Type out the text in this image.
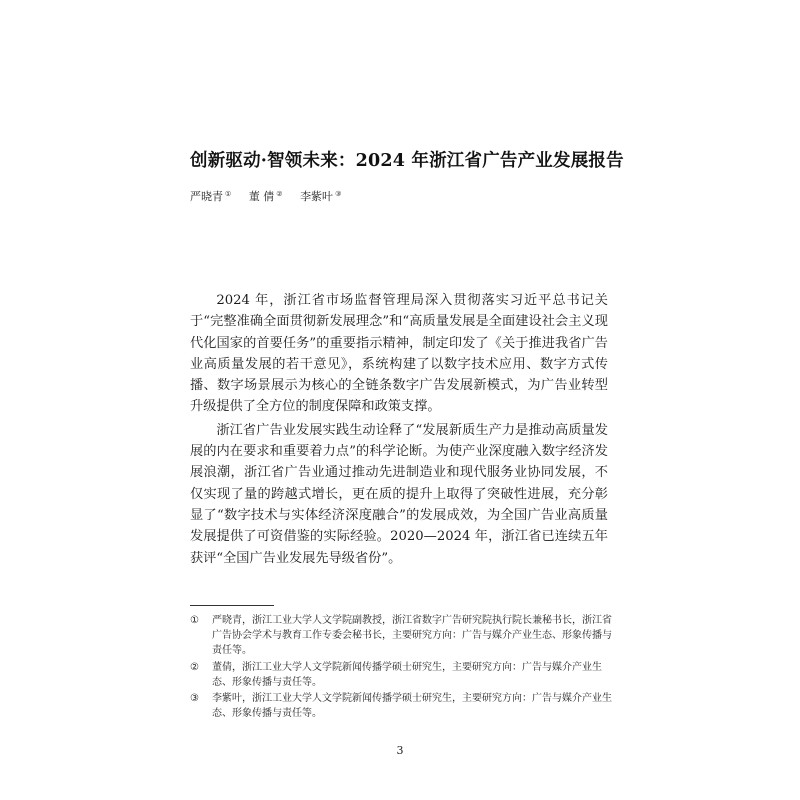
创新驱动·智领未来：2024 年浙江省广告产业发展报告
严晓青 ① 董 倩 ② 李紫叶 ③

2024 年，浙江省市场监督管理局深入贯彻落实习近平总书记关于“完整准确全面贯彻新发展理念”和“高质量发展是全面建设社会主义现代化国家的首要任务”的重要指示精神，制定印发了《关于推进我省广告业高质量发展的若干意见》，系统构建了以数字技术应用、数字方式传播、数字场景展示为核心的全链条数字广告发展新模式，为广告业转型升级提供了全方位的制度保障和政策支撑。

浙江省广告业发展实践生动诠释了“发展新质生产力是推动高质量发展的内在要求和重要着力点”的科学论断。为使产业深度融入数字经济发展浪潮，浙江省广告业通过推动先进制造业和现代服务业协同发展，不仅实现了量的跨越式增长，更在质的提升上取得了突破性进展，充分彰显了“数字技术与实体经济深度融合”的发展成效，为全国广告业高质量发展提供了可资借鉴的实际经验。2020—2024 年，浙江省已连续五年获评“全国广告业发展先导级省份”。

① 严晓青，浙江工业大学人文学院副教授，浙江省数字广告研究院执行院长兼秘书长，浙江省广告协会学术与教育工作专委会秘书长，主要研究方向：广告与媒介产业生态、形象传播与责任等。
② 董倩，浙江工业大学人文学院新闻传播学硕士研究生，主要研究方向：广告与媒介产业生态、形象传播与责任等。
③ 李紫叶，浙江工业大学人文学院新闻传播学硕士研究生，主要研究方向：广告与媒介产业生态、形象传播与责任等。
3
